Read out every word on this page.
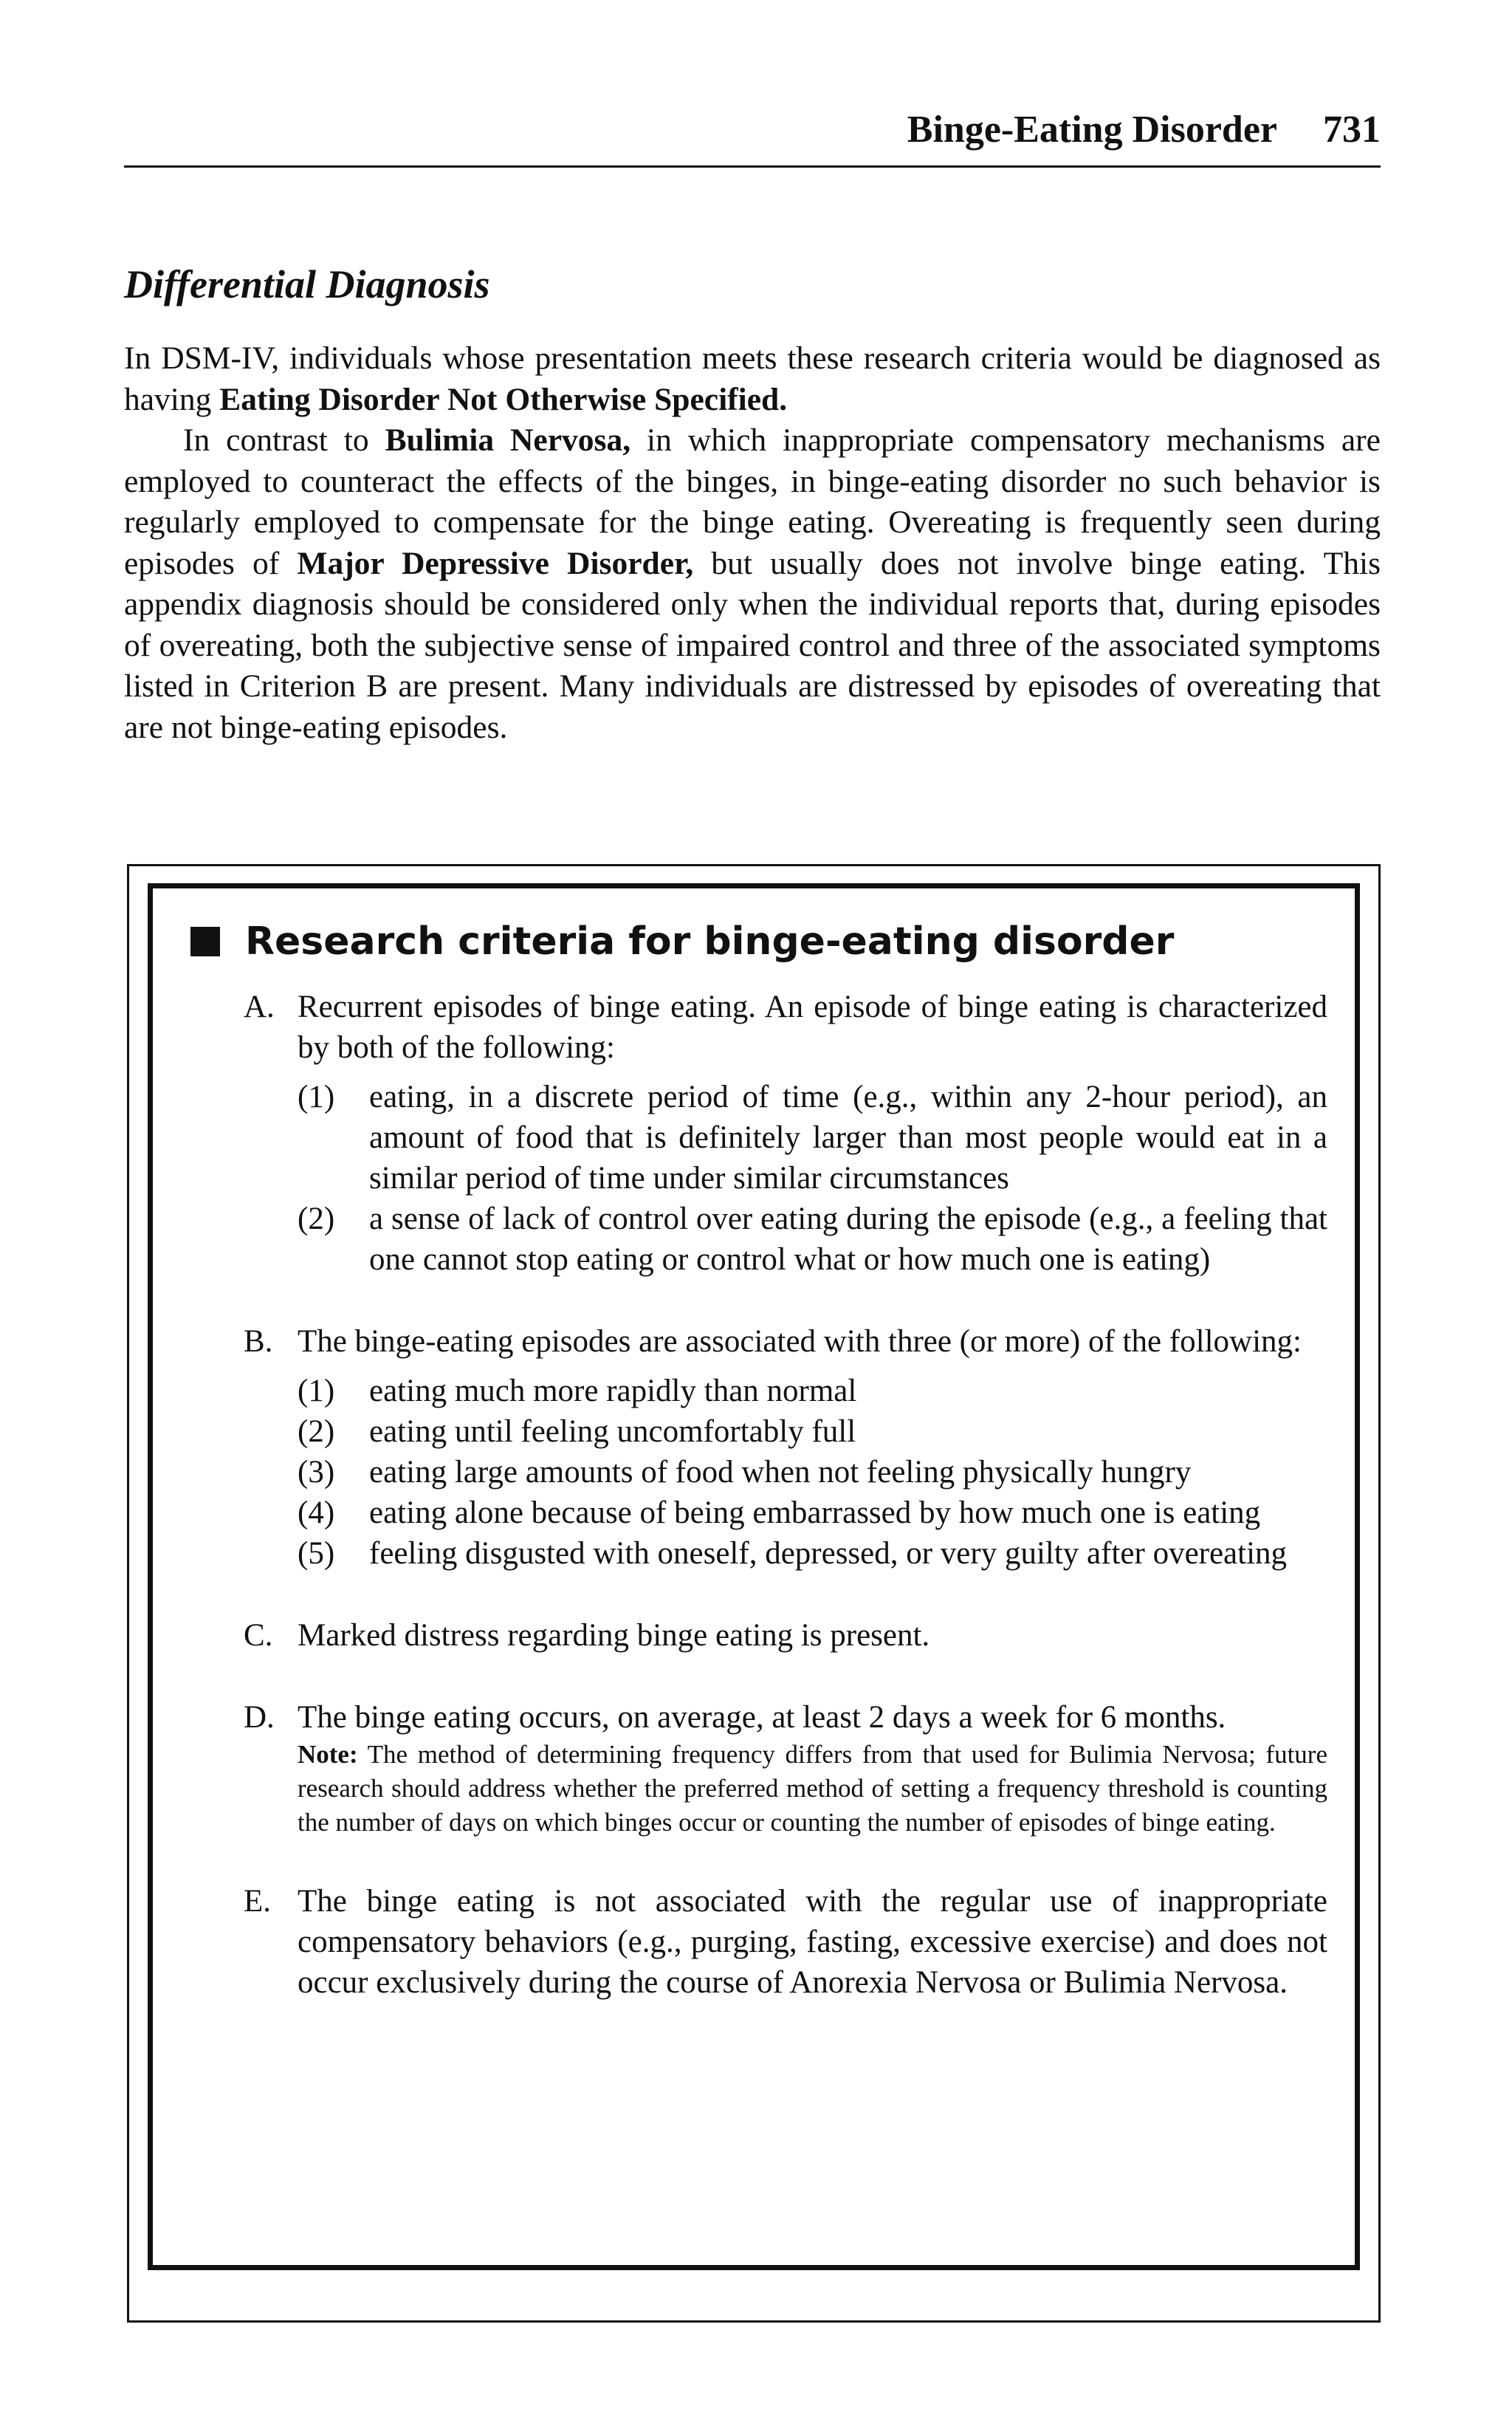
Binge-Eating Disorder 731
Differential Diagnosis

In DSM-IV, individuals whose presentation meets these research criteria would be diagnosed as having Eating Disorder Not Otherwise Specified.

In contrast to Bulimia Nervosa, in which inappropriate compensatory mechanisms are employed to counteract the effects of the binges, in binge-eating disorder no such behavior is regularly employed to compensate for the binge eating. Overeating is frequently seen during episodes of Major Depressive Disorder, but usually does not involve binge eating. This appendix diagnosis should be considered only when the individual reports that, during episodes of overeating, both the subjective sense of impaired control and three of the associated symptoms listed in Criterion B are present. Many individuals are distressed by episodes of overeating that are not binge-eating episodes.

Research criteria for binge-eating disorder
A. Recurrent episodes of binge eating. An episode of binge eating is characterized by both of the following:

(1)	eating, in a discrete period of time (e.g., within any 2-hour period), an amount of food that is definitely larger than most people would eat in a similar period of time under similar circumstances
(2)	a sense of lack of control over eating during the episode (e.g., a feeling that one cannot stop eating or control what or how much one is eating)
B. The binge-eating episodes are associated with three (or more) of the following:

(1)	eating much more rapidly than normal
(2)	eating until feeling uncomfortably full
(3)	eating large amounts of food when not feeling physically hungry
(4)	eating alone because of being embarrassed by how much one is eating
(5)	feeling disgusted with oneself, depressed, or very guilty after overeating
C. Marked distress regarding binge eating is present.

D. The binge eating occurs, on average, at least 2 days a week for 6 months.

Note: The method of determining frequency differs from that used for Bulimia Nervosa; future research should address whether the preferred method of setting a frequency threshold is counting the number of days on which binges occur or counting the number of episodes of binge eating.

E. The binge eating is not associated with the regular use of inappropriate compensatory behaviors (e.g., purging, fasting, excessive exercise) and does not occur exclusively during the course of Anorexia Nervosa or Bulimia Nervosa.
